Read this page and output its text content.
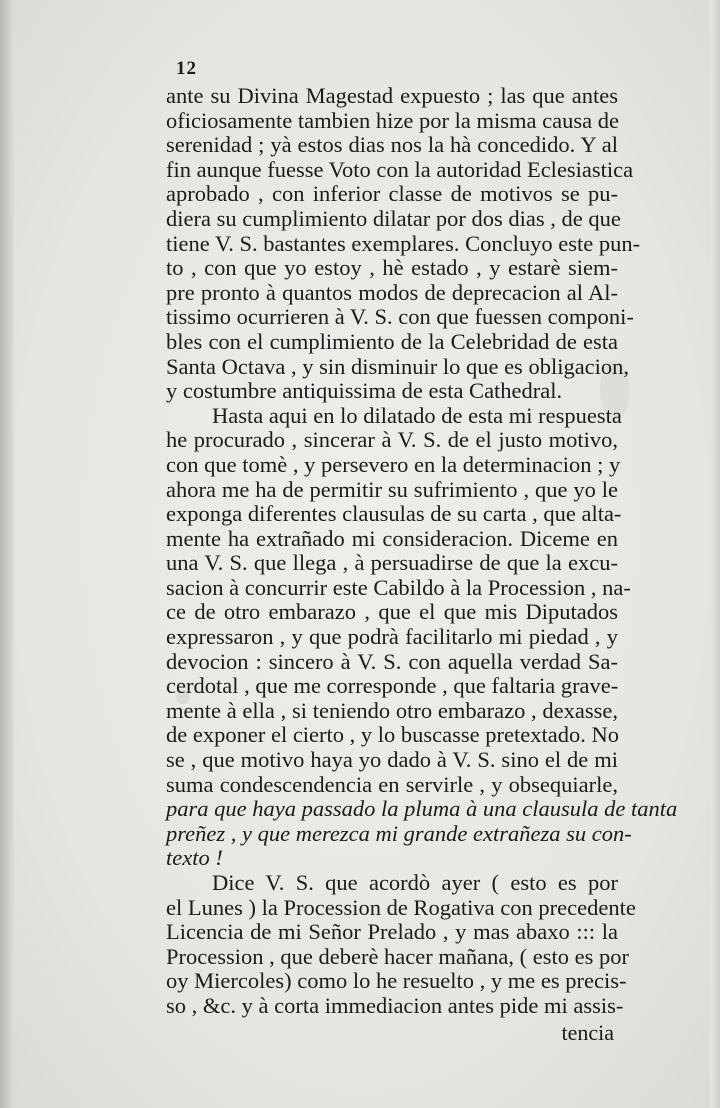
12
ante su Divina Magestad expuesto ; las que antes
oficiosamente tambien hize por la misma causa de
serenidad ; yà estos dias nos la hà concedido. Y al
fin aunque fuesse Voto con la autoridad Eclesiastica
aprobado , con inferior classe de motivos se pu-
diera su cumplimiento dilatar por dos dias , de que
tiene V. S. bastantes exemplares. Concluyo este pun-
to , con que yo estoy , hè estado , y estarè siem-
pre pronto à quantos modos de deprecacion al Al-
tissimo ocurrieren à V. S. con que fuessen componi-
bles con el cumplimiento de la Celebridad de esta
Santa Octava , y sin disminuir lo que es obligacion,
y costumbre antiquissima de esta Cathedral.
Hasta aqui en lo dilatado de esta mi respuesta
he procurado , sincerar à V. S. de el justo motivo,
con que tomè , y persevero en la determinacion ; y
ahora me ha de permitir su sufrimiento , que yo le
exponga diferentes clausulas de su carta , que alta-
mente ha extrañado mi consideracion. Diceme en
una V. S. que llega , à persuadirse de que la excu-
sacion à concurrir este Cabildo à la Procession , na-
ce de otro embarazo , que el que mis Diputados
expressaron , y que podrà facilitarlo mi piedad , y
devocion : sincero à V. S. con aquella verdad Sa-
cerdotal , que me corresponde , que faltaria grave-
mente à ella , si teniendo otro embarazo , dexasse,
de exponer el cierto , y lo buscasse pretextado. No
se , que motivo haya yo dado à V. S. sino el de mi
suma condescendencia en servirle , y obsequiarle,
para que haya passado la pluma à una clausula de tanta
preñez , y que merezca mi grande extrañeza su con-
texto !
Dice V. S. que acordò ayer ( esto es por
el Lunes ) la Procession de Rogativa con precedente
Licencia de mi Señor Prelado , y mas abaxo ::: la
Procession , que deberè hacer mañana, ( esto es por
oy Miercoles) como lo he resuelto , y me es precis-
so , &c. y à corta immediacion antes pide mi assis-
tencia
